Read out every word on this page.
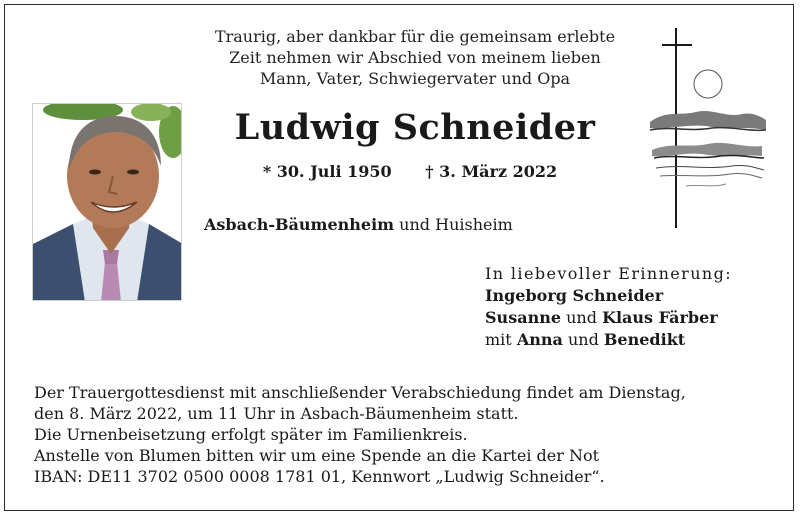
Traurig, aber dankbar für die gemeinsam erlebte
Zeit nehmen wir Abschied von meinem lieben
Mann, Vater, Schwiegervater und Opa
Ludwig Schneider
* 30. Juli 1950 † 3. März 2022
Asbach-Bäumenheim und Huisheim
In liebevoller Erinnerung:
Ingeborg Schneider
Susanne und Klaus Färber
mit Anna und Benedikt
Der Trauergottesdienst mit anschließender Verabschiedung findet am Dienstag,
den 8. März 2022, um 11 Uhr in Asbach-Bäumenheim statt.
Die Urnenbeisetzung erfolgt später im Familienkreis.
Anstelle von Blumen bitten wir um eine Spende an die Kartei der Not
IBAN: DE11 3702 0500 0008 1781 01, Kennwort „Ludwig Schneider“.
